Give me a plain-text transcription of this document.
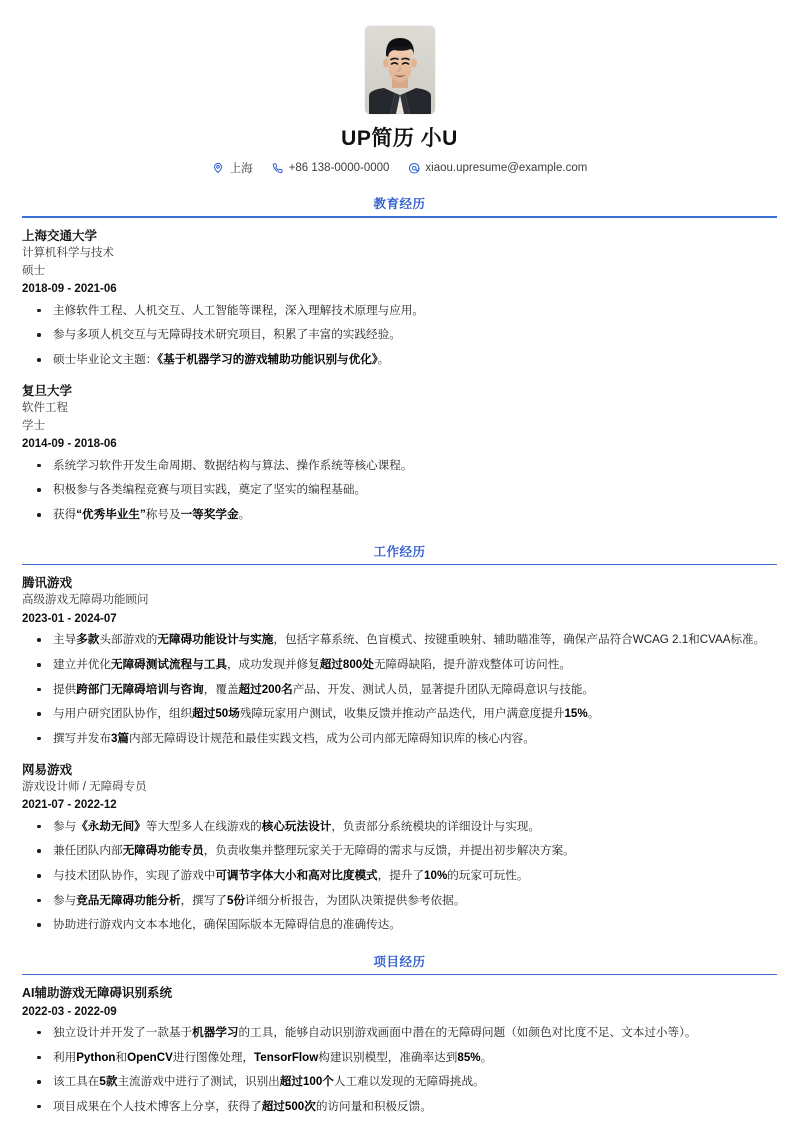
UP简历 小U
上海	+86 138-0000-0000	xiaou.upresume@example.com
教育经历
上海交通大学
计算机科学与技术
硕士
2018-09 - 2021-06
主修软件工程、人机交互、人工智能等课程，深入理解技术原理与应用。
参与多项人机交互与无障碍技术研究项目，积累了丰富的实践经验。
硕士毕业论文主题：《基于机器学习的游戏辅助功能识别与优化》。
复旦大学
软件工程
学士
2014-09 - 2018-06
系统学习软件开发生命周期、数据结构与算法、操作系统等核心课程。
积极参与各类编程竞赛与项目实践，奠定了坚实的编程基础。
获得“优秀毕业生”称号及一等奖学金。
工作经历
腾讯游戏
高级游戏无障碍功能顾问
2023-01 - 2024-07
主导多款头部游戏的无障碍功能设计与实施，包括字幕系统、色盲模式、按键重映射、辅助瞄准等，确保产品符合WCAG 2.1和CVAA标准。
建立并优化无障碍测试流程与工具，成功发现并修复超过800处无障碍缺陷，提升游戏整体可访问性。
提供跨部门无障碍培训与咨询，覆盖超过200名产品、开发、测试人员，显著提升团队无障碍意识与技能。
与用户研究团队协作，组织超过50场残障玩家用户测试，收集反馈并推动产品迭代，用户满意度提升15%。
撰写并发布3篇内部无障碍设计规范和最佳实践文档，成为公司内部无障碍知识库的核心内容。
网易游戏
游戏设计师 / 无障碍专员
2021-07 - 2022-12
参与《永劫无间》等大型多人在线游戏的核心玩法设计，负责部分系统模块的详细设计与实现。
兼任团队内部无障碍功能专员，负责收集并整理玩家关于无障碍的需求与反馈，并提出初步解决方案。
与技术团队协作，实现了游戏中可调节字体大小和高对比度模式，提升了10%的玩家可玩性。
参与竞品无障碍功能分析，撰写了5份详细分析报告，为团队决策提供参考依据。
协助进行游戏内文本本地化，确保国际版本无障碍信息的准确传达。
项目经历
AI辅助游戏无障碍识别系统
2022-03 - 2022-09
独立设计并开发了一款基于机器学习的工具，能够自动识别游戏画面中潜在的无障碍问题（如颜色对比度不足、文本过小等）。
利用Python和OpenCV进行图像处理，TensorFlow构建识别模型，准确率达到85%。
该工具在5款主流游戏中进行了测试，识别出超过100个人工难以发现的无障碍挑战。
项目成果在个人技术博客上分享，获得了超过500次的访问量和积极反馈。
